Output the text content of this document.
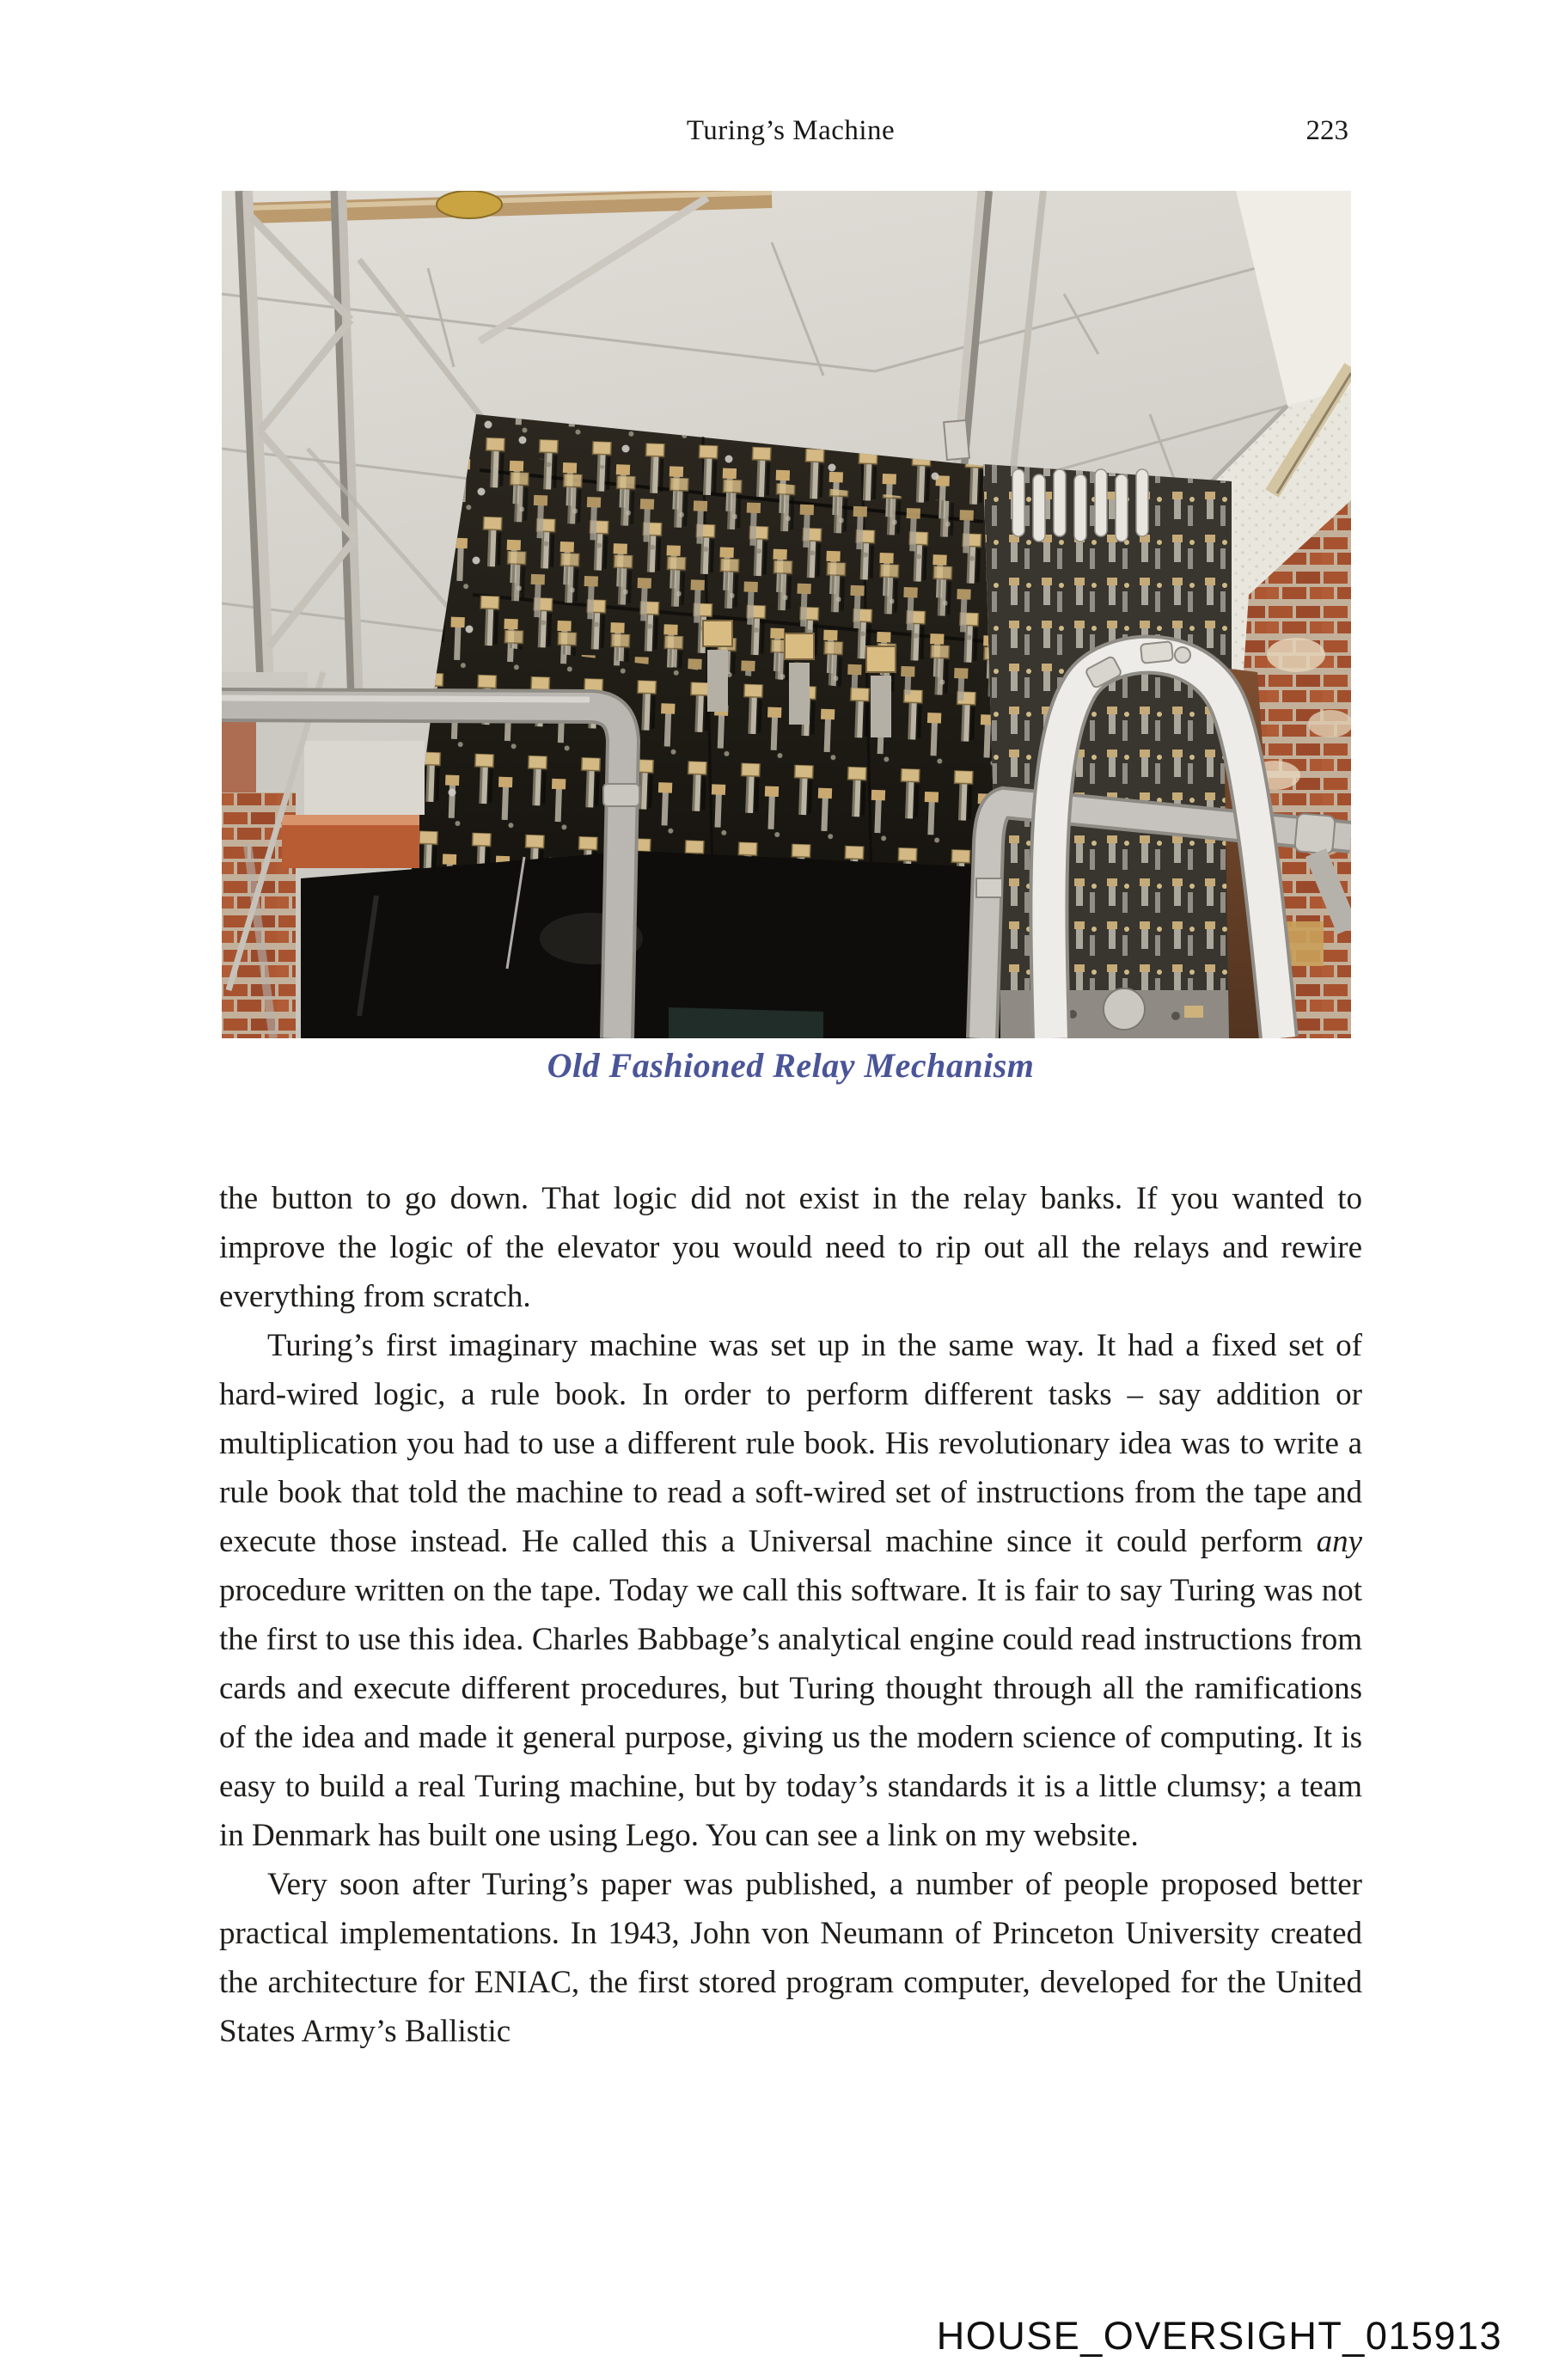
Turing’s Machine	223
Old Fashioned Relay Mechanism

the button to go down. That logic did not exist in the relay banks. If you wanted to improve the logic of the elevator you would need to rip out all the relays and rewire everything from scratch.

Turing’s first imaginary machine was set up in the same way. It had a fixed set of hard-wired logic, a rule book. In order to perform different tasks – say addition or multiplication you had to use a different rule book. His revolutionary idea was to write a rule book that told the machine to read a soft-wired set of instructions from the tape and execute those instead. He called this a Universal machine since it could perform any procedure written on the tape. Today we call this software. It is fair to say Turing was not the first to use this idea. Charles Babbage’s analytical engine could read instructions from cards and execute different procedures, but Turing thought through all the ramifications of the idea and made it general purpose, giving us the modern science of computing. It is easy to build a real Turing machine, but by today’s standards it is a little clumsy; a team in Denmark has built one using Lego. You can see a link on my website.

Very soon after Turing’s paper was published, a number of people proposed better practical implementations. In 1943, John von Neumann of Princeton University created the architecture for ENIAC, the first stored program computer, developed for the United States Army’s Ballistic

HOUSE_OVERSIGHT_015913
